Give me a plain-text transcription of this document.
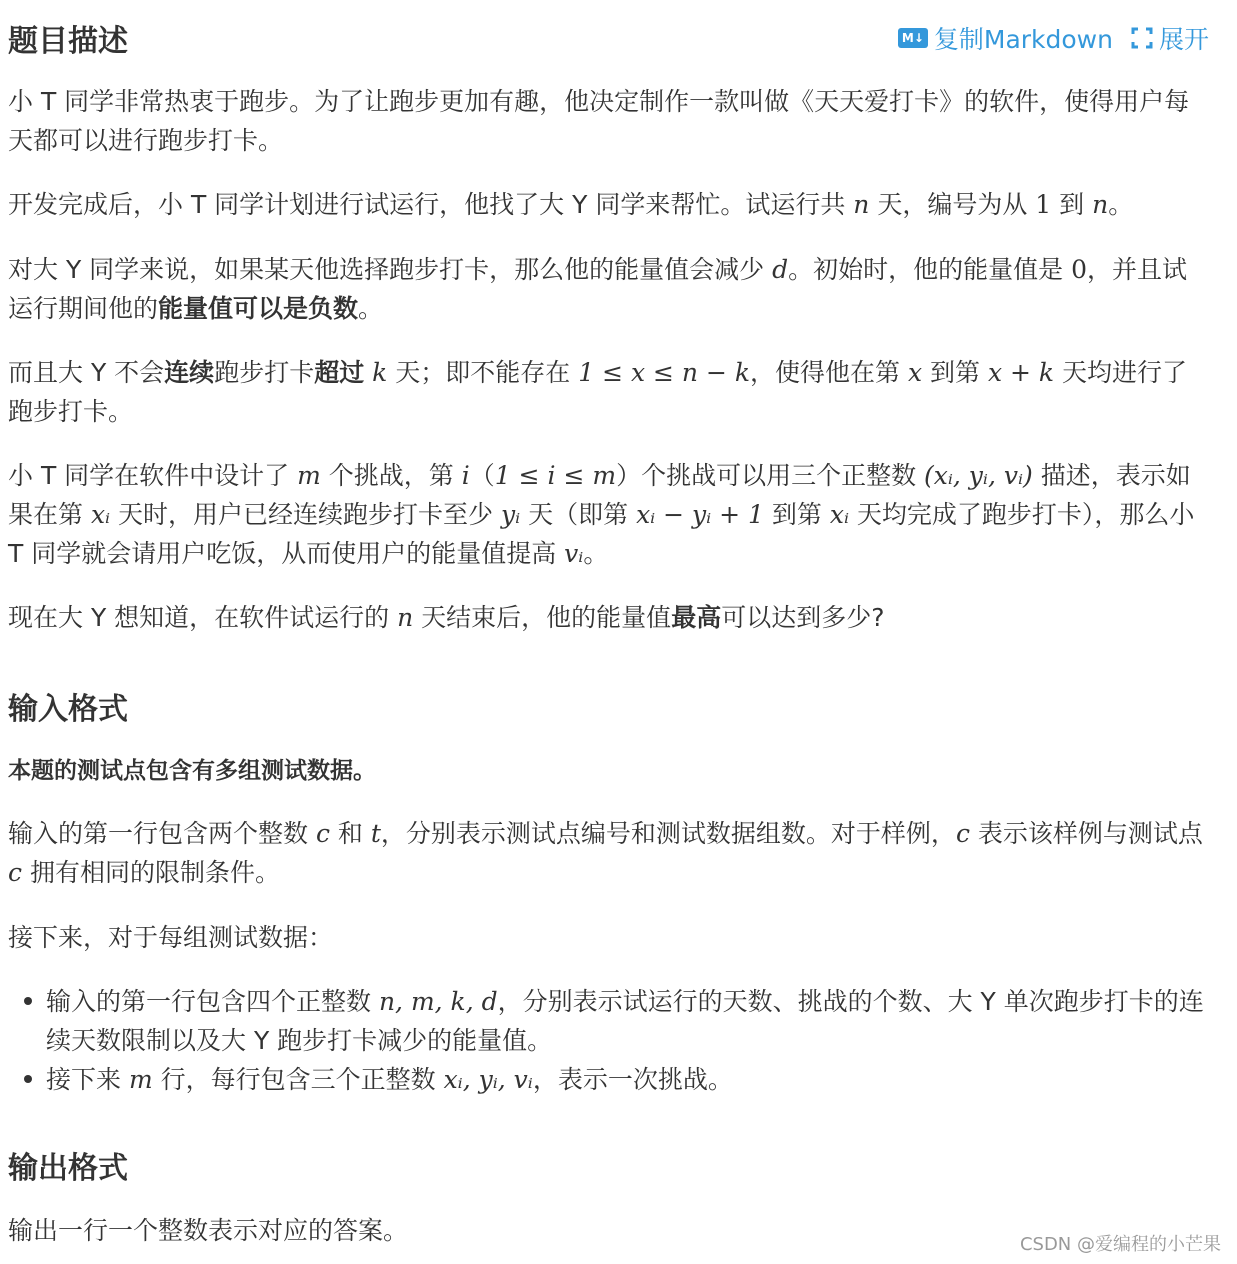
题目描述	M↓ 复制Markdown 展开

小 T 同学非常热衷于跑步。为了让跑步更加有趣，他决定制作一款叫做《天天爱打卡》的软件，使得用户每天都可以进行跑步打卡。

开发完成后，小 T 同学计划进行试运行，他找了大 Y 同学来帮忙。试运行共 n 天，编号为从 1 到 n。

对大 Y 同学来说，如果某天他选择跑步打卡，那么他的能量值会减少 d。初始时，他的能量值是 0，并且试运行期间他的能量值可以是负数。

而且大 Y 不会连续跑步打卡超过 k 天；即不能存在 1 ≤ x ≤ n − k，使得他在第 x 到第 x + k 天均进行了跑步打卡。

小 T 同学在软件中设计了 m 个挑战，第 i（1 ≤ i ≤ m）个挑战可以用三个正整数 (xᵢ, yᵢ, vᵢ) 描述，表示如果在第 xᵢ 天时，用户已经连续跑步打卡至少 yᵢ 天（即第 xᵢ − yᵢ + 1 到第 xᵢ 天均完成了跑步打卡），那么小 T 同学就会请用户吃饭，从而使用户的能量值提高 vᵢ。

现在大 Y 想知道，在软件试运行的 n 天结束后，他的能量值最高可以达到多少?

输入格式

本题的测试点包含有多组测试数据。

输入的第一行包含两个整数 c 和 t，分别表示测试点编号和测试数据组数。对于样例，c 表示该样例与测试点 c 拥有相同的限制条件。

接下来，对于每组测试数据：

输入的第一行包含四个正整数 n, m, k, d，分别表示试运行的天数、挑战的个数、大 Y 单次跑步打卡的连续天数限制以及大 Y 跑步打卡减少的能量值。
接下来 m 行，每行包含三个正整数 xᵢ, yᵢ, vᵢ，表示一次挑战。
输出格式

输出一行一个整数表示对应的答案。	CSDN @爱编程的小芒果
